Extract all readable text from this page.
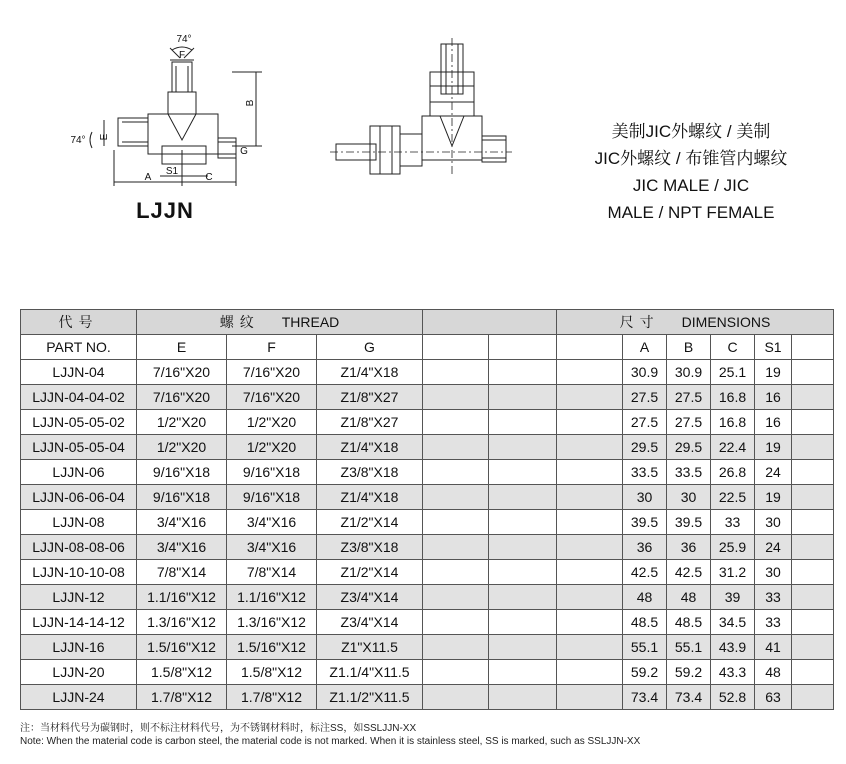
74°
F
74° E
B
G
A
S1
C
LJJN
美制JIC外螺纹 / 美制
JIC外螺纹 / 布锥管内螺纹
JIC MALE / JIC
MALE / NPT FEMALE
代号	螺纹 THREAD					尺寸 DIMENSIONS					
PART NO.	E	F	G				A	B	C	S1	
LJJN-04	7/16"X20	7/16"X20	Z1/4"X18				30.9	30.9	25.1	19	
LJJN-04-04-02	7/16"X20	7/16"X20	Z1/8"X27				27.5	27.5	16.8	16	
LJJN-05-05-02	1/2"X20	1/2"X20	Z1/8"X27				27.5	27.5	16.8	16	
LJJN-05-05-04	1/2"X20	1/2"X20	Z1/4"X18				29.5	29.5	22.4	19	
LJJN-06	9/16"X18	9/16"X18	Z3/8"X18				33.5	33.5	26.8	24	
LJJN-06-06-04	9/16"X18	9/16"X18	Z1/4"X18				30	30	22.5	19	
LJJN-08	3/4"X16	3/4"X16	Z1/2"X14				39.5	39.5	33	30	
LJJN-08-08-06	3/4"X16	3/4"X16	Z3/8"X18				36	36	25.9	24	
LJJN-10-10-08	7/8"X14	7/8"X14	Z1/2"X14				42.5	42.5	31.2	30	
LJJN-12	1.1/16"X12	1.1/16"X12	Z3/4"X14				48	48	39	33	
LJJN-14-14-12	1.3/16"X12	1.3/16"X12	Z3/4"X14				48.5	48.5	34.5	33	
LJJN-16	1.5/16"X12	1.5/16"X12	Z1"X11.5				55.1	55.1	43.9	41	
LJJN-20	1.5/8"X12	1.5/8"X12	Z1.1/4"X11.5				59.2	59.2	43.3	48	
LJJN-24	1.7/8"X12	1.7/8"X12	Z1.1/2"X11.5				73.4	73.4	52.8	63	
注：当材料代号为碳钢时，则不标注材料代号，为不锈钢材料时，标注SS，如SSLJJN-XX
Note: When the material code is carbon steel, the material code is not marked. When it is stainless steel, SS is marked, such as SSLJJN-XX
